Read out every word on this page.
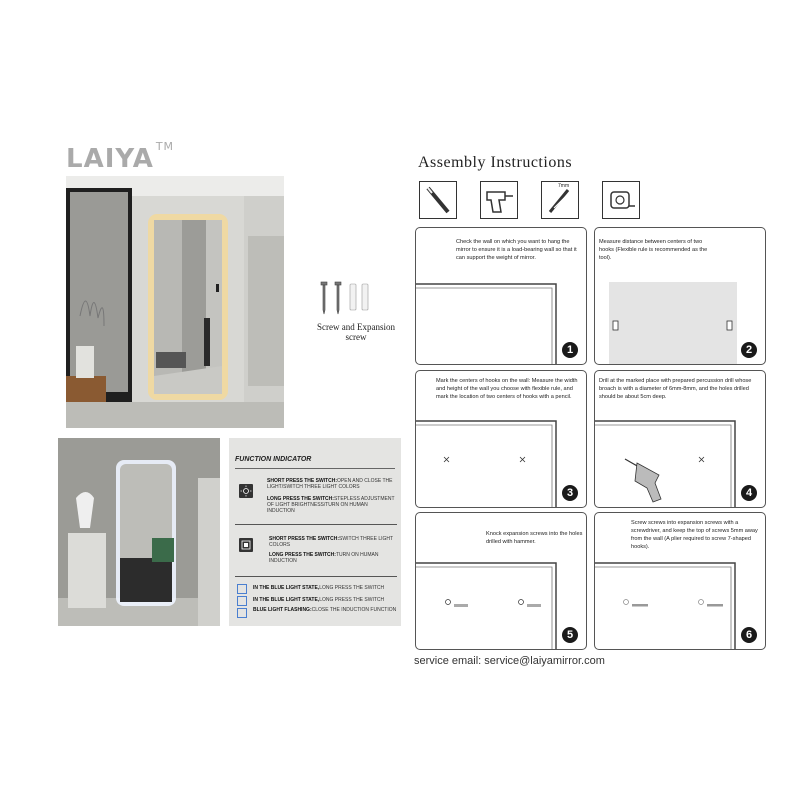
LAIYA ™
Screw and Expansion screw
FUNCTION INDICATOR
SHORT PRESS THE SWITCH:OPEN AND CLOSE THE LIGHT/SWITCH THREE LIGHT COLORS
LONG PRESS THE SWITCH:STEPLESS ADJUSTMENT OF LIGHT BRIGHTNESS/TURN ON HUMAN INDUCTION
SHORT PRESS THE SWITCH:SWITCH THREE LIGHT COLORS
LONG PRESS THE SWITCH:TURN ON HUMAN INDUCTION
IN THE BLUE LIGHT STATE,LONG PRESS THE SWITCH
IN THE BLUE LIGHT STATE,LONG PRESS THE SWITCH
BLUE LIGHT FLASHING:CLOSE THE INDUCTION FUNCTION
Assembly Instructions
7mm
Check the wall on which you want to hang the mirror to ensure it is a load-bearing wall so that it can support the weight of mirror.
1
Measure distance between centers of two hooks (Flexible rule is recommended as the tool).
2
Mark the centers of hooks on the wall: Measure the width and height of the wall you choose with flexible rule, and mark the location of two centers of hooks with a pencil.
3
Drill at the marked place with prepared percussion drill whose broach is with a diameter of 6mm-8mm, and the holes drilled should be about 5cm deep.
4
Knock expansion screws into the holes drilled with hammer.
5
Screw screws into expansion screws with a screwdriver, and keep the top of screws 5mm away from the wall (A plier required to screw 7-shaped hooks).
6
service email: service@laiyamirror.com
